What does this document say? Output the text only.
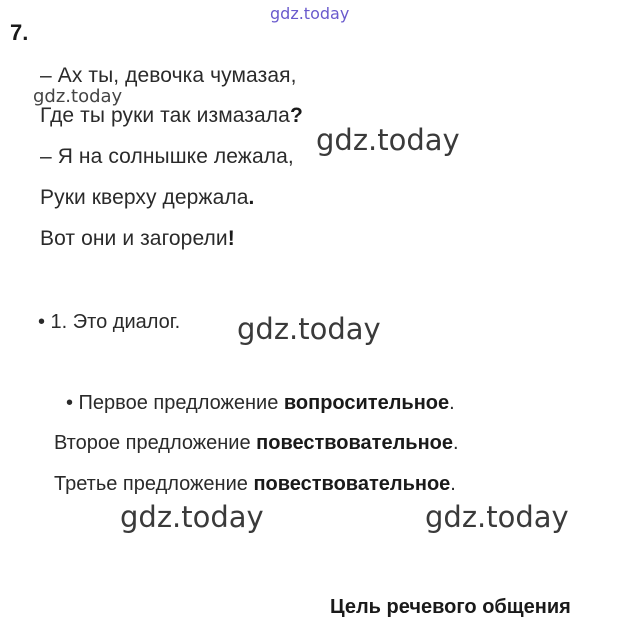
gdz.today
gdz.today
gdz.today
gdz.today
gdz.today	gdz.today
7.
– Ах ты, девочка чумазая,
Где ты руки так измазала?
– Я на солнышке лежала,
Руки кверху держала.
Вот они и загорели!
• 1. Это диалог.
• Первое предложение вопросительное.
Второе предложение повествовательное.
Третье предложение повествовательное.
Цель речевого общения
